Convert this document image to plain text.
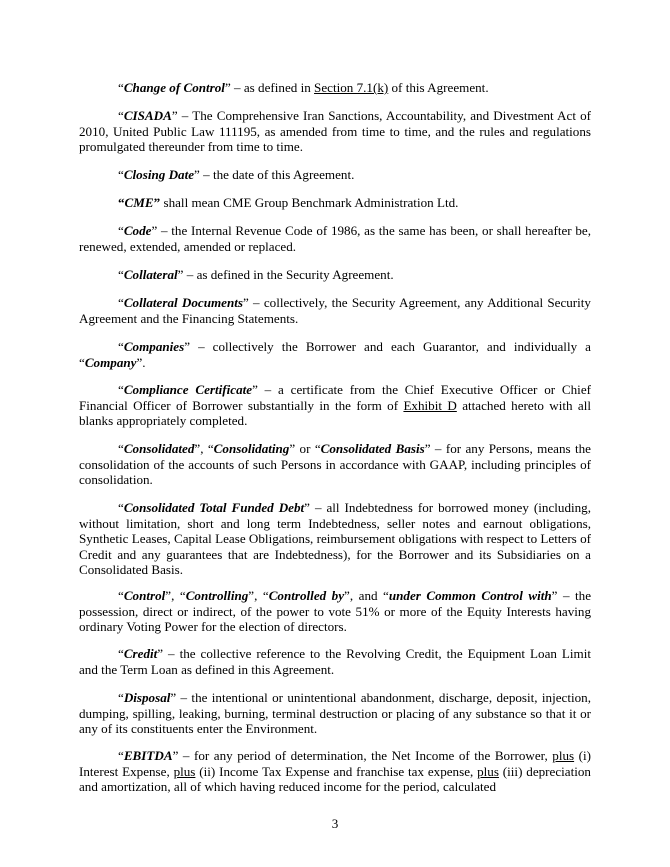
“Change of Control” – as defined in Section 7.1(k) of this Agreement.

“CISADA” – The Comprehensive Iran Sanctions, Accountability, and Divestment Act of 2010, United Public Law 111195, as amended from time to time, and the rules and regulations promulgated thereunder from time to time.

“Closing Date” – the date of this Agreement.

“CME” shall mean CME Group Benchmark Administration Ltd.

“Code” – the Internal Revenue Code of 1986, as the same has been, or shall hereafter be, renewed, extended, amended or replaced.

“Collateral” – as defined in the Security Agreement.

“Collateral Documents” – collectively, the Security Agreement, any Additional Security Agreement and the Financing Statements.

“Companies” – collectively the Borrower and each Guarantor, and individually a “Company”.

“Compliance Certificate” – a certificate from the Chief Executive Officer or Chief Financial Officer of Borrower substantially in the form of Exhibit D attached hereto with all blanks appropriately completed.

“Consolidated”, “Consolidating” or “Consolidated Basis” – for any Persons, means the consolidation of the accounts of such Persons in accordance with GAAP, including principles of consolidation.

“Consolidated Total Funded Debt” – all Indebtedness for borrowed money (including, without limitation, short and long term Indebtedness, seller notes and earnout obligations, Synthetic Leases, Capital Lease Obligations, reimbursement obligations with respect to Letters of Credit and any guarantees that are Indebtedness), for the Borrower and its Subsidiaries on a Consolidated Basis.

“Control”, “Controlling”, “Controlled by”, and “under Common Control with” – the possession, direct or indirect, of the power to vote 51% or more of the Equity Interests having ordinary Voting Power for the election of directors.

“Credit” – the collective reference to the Revolving Credit, the Equipment Loan Limit and the Term Loan as defined in this Agreement.

“Disposal” – the intentional or unintentional abandonment, discharge, deposit, injection, dumping, spilling, leaking, burning, terminal destruction or placing of any substance so that it or any of its constituents enter the Environment.

“EBITDA” – for any period of determination, the Net Income of the Borrower, plus (i) Interest Expense, plus (ii) Income Tax Expense and franchise tax expense, plus (iii) depreciation and amortization, all of which having reduced income for the period, calculated

3
